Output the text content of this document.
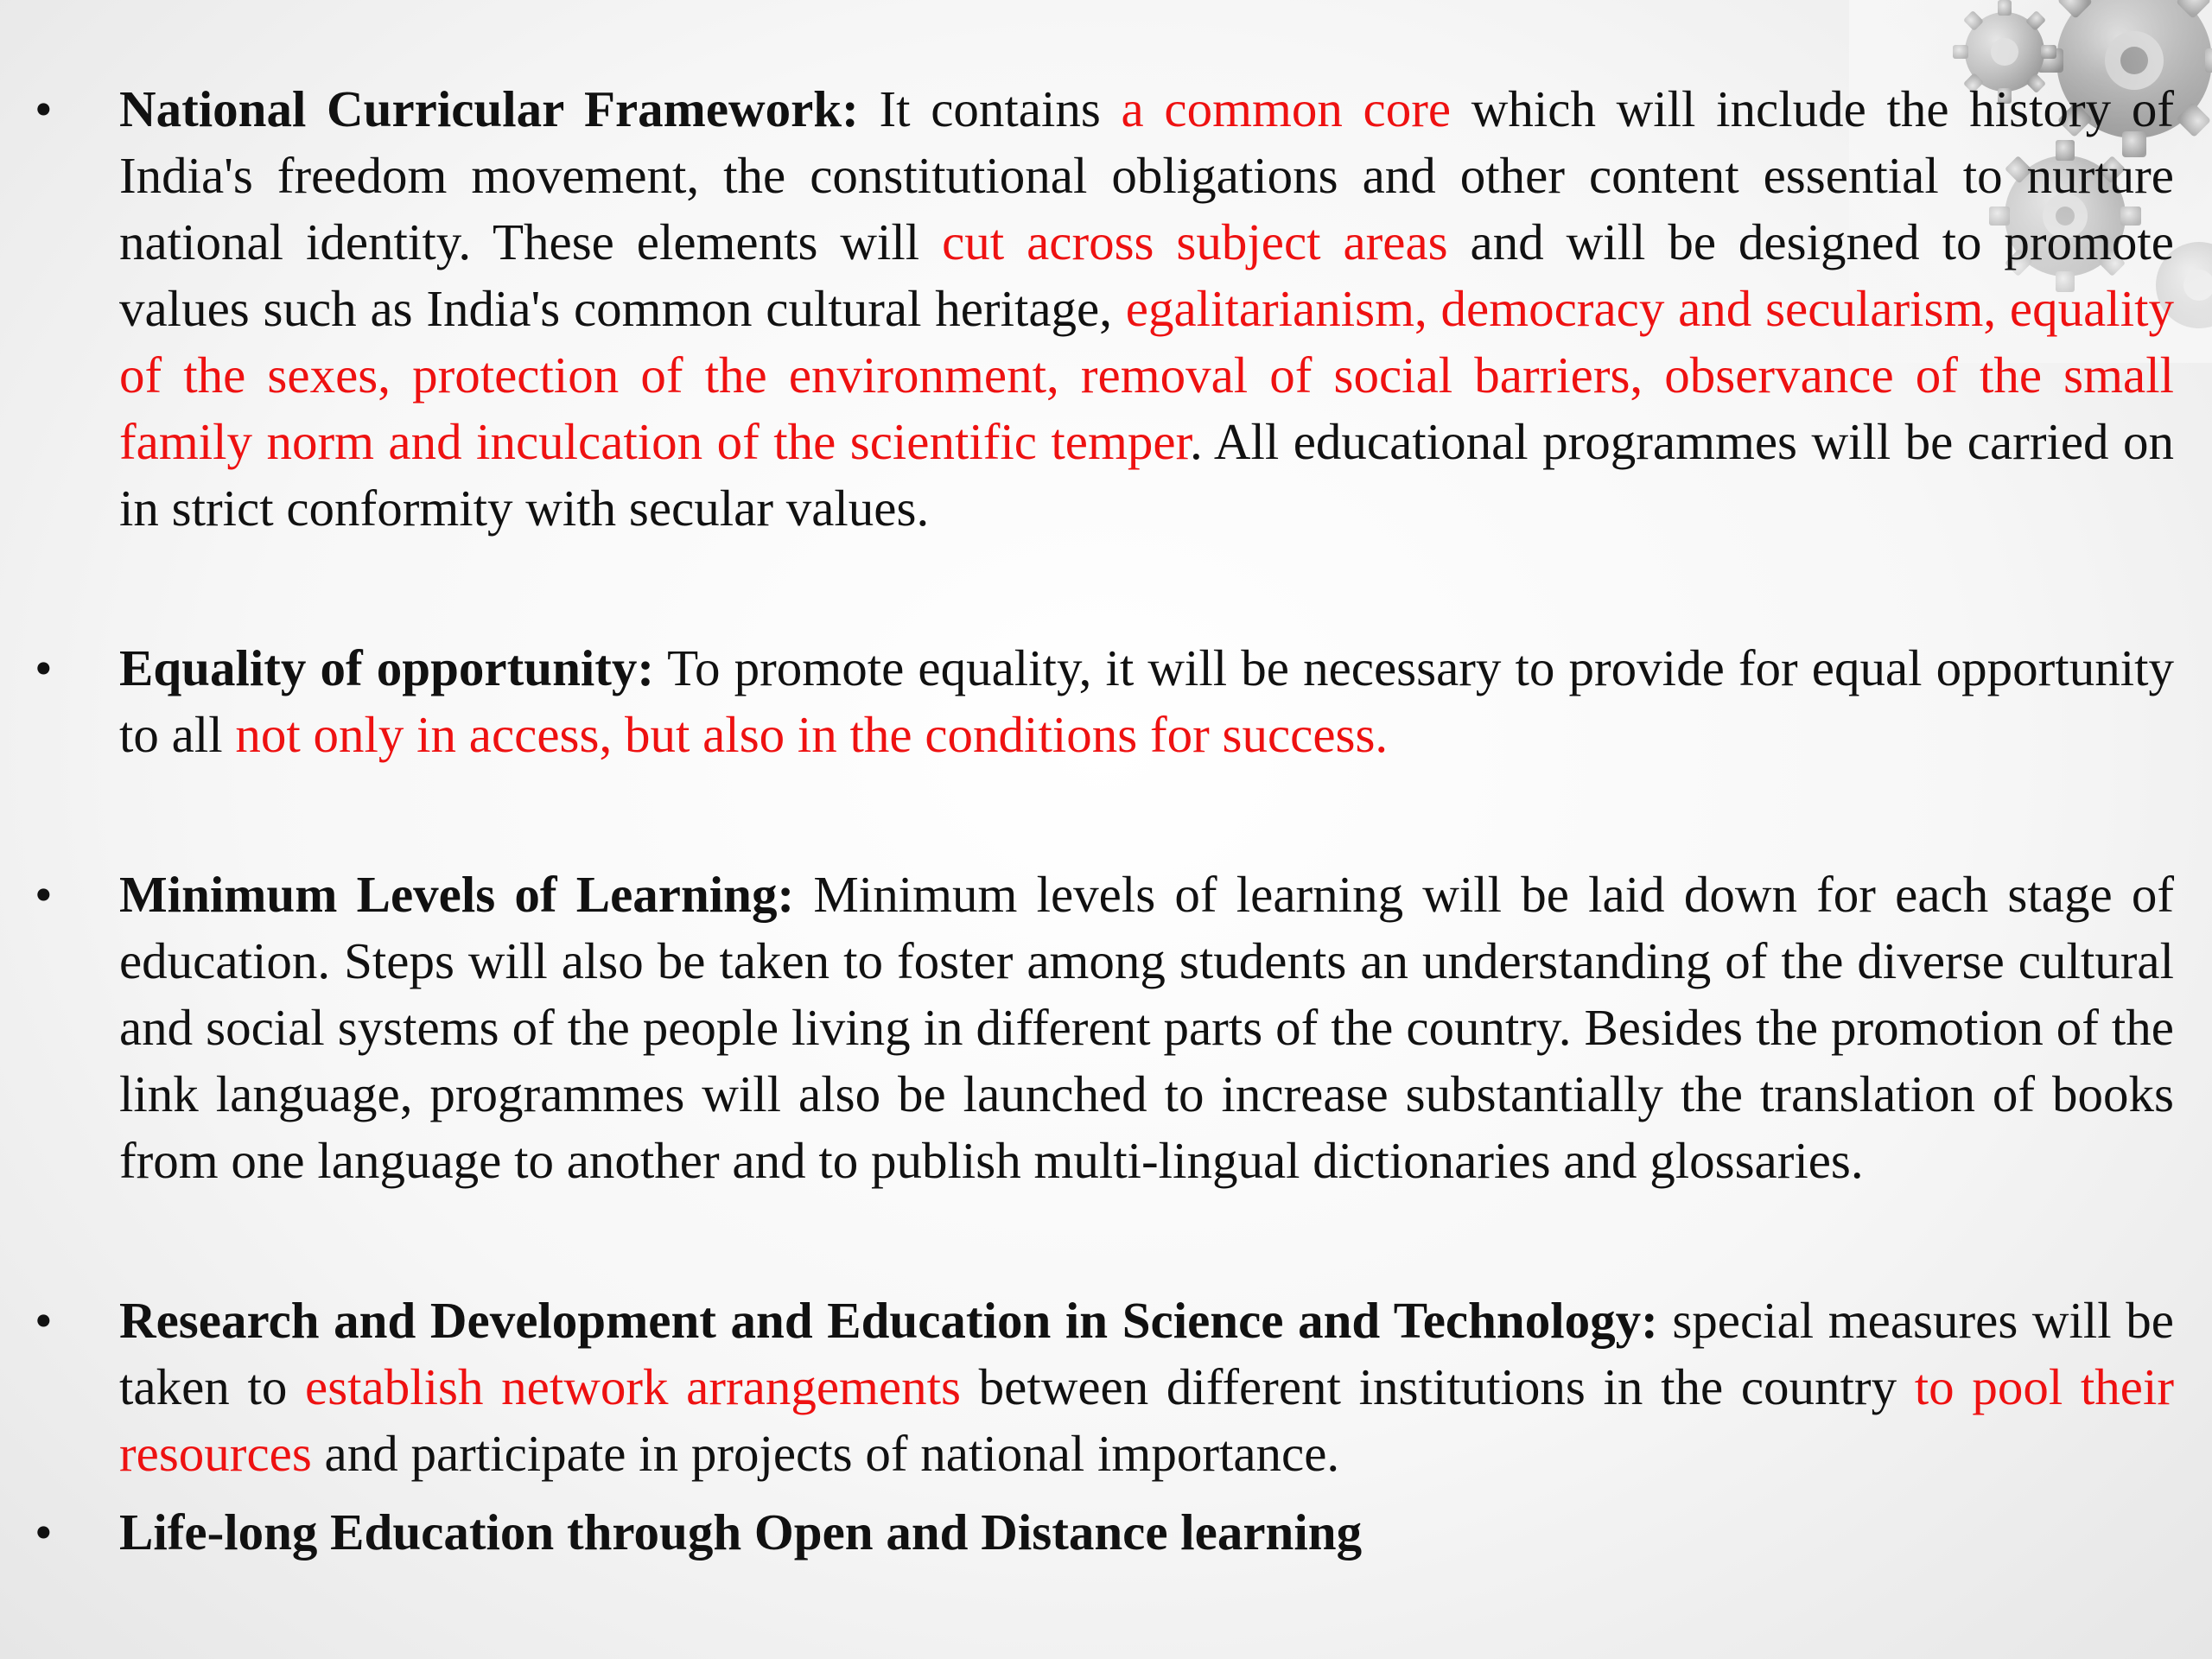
•	National Curricular Framework: It contains a common core which will include the history of India's freedom movement, the constitutional obligations and other content essential to nurture national identity. These elements will cut across subject areas and will be designed to promote values such as India's common cultural heritage, egalitarianism, democracy and secularism, equality of the sexes, protection of the environment, removal of social barriers, observance of the small family norm and inculcation of the scientific temper. All educational programmes will be carried on in strict conformity with secular values.
•	Equality of opportunity: To promote equality, it will be necessary to provide for equal opportunity to all not only in access, but also in the conditions for success.
•	Minimum Levels of Learning: Minimum levels of learning will be laid down for each stage of education. Steps will also be taken to foster among students an understanding of the diverse cultural and social systems of the people living in different parts of the country. Besides the promotion of the link language, programmes will also be launched to increase substantially the translation of books from one language to another and to publish multi-lingual dictionaries and glossaries.
•	Research and Development and Education in Science and Technology: special measures will be taken to establish network arrangements between different institutions in the country to pool their resources and participate in projects of national importance.
•	Life-long Education through Open and Distance learning
